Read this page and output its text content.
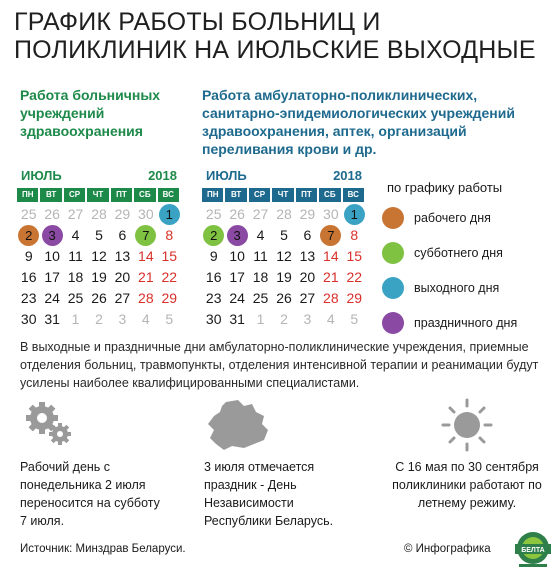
ГРАФИК РАБОТЫ БОЛЬНИЦ И ПОЛИКЛИНИК НА ИЮЛЬСКИЕ ВЫХОДНЫЕ
Работа больничных учреждений здравоохранения
Работа амбулаторно-поликлинических, санитарно-эпидемиологических учреждений здравоохранения, аптек, организаций переливания крови и др.
ИЮЛЬ	2018
ПН	ВТ	СР	ЧТ	ПТ	СБ	ВС
25 26 27 28 29 30 1
2	3	4	5	6	7	8
9 10 11 12 13 14 15
16 17 18 19 20 21 22
23 24 25 26 27 28 29
30 31 1	2	3	4	5
ИЮЛЬ	2018
ПН	ВТ	СР	ЧТ	ПТ	СБ	ВС
25 26 27 28 29 30 1
2	3	4	5	6	7	8
9 10 11 12 13 14 15
16 17 18 19 20 21 22
23 24 25 26 27 28 29
30 31 1	2	3	4	5
по графику работы
рабочего дня
субботнего дня
выходного дня
праздничного дня
В выходные и праздничные дни амбулаторно-поликлинические учреждения, приемные отделения больниц, травмопункты, отделения интенсивной терапии и реанимации будут усилены наиболее квалифицированными специалистами.
Рабочий день с понедельника 2 июля переносится на субботу 7 июля.
3 июля отмечается праздник - День Независимости Республики Беларусь.
С 16 мая по 30 сентября поликлиники работают по летнему режиму.
Источник: Минздрав Беларуси.	© Инфографика	БЕЛТА
